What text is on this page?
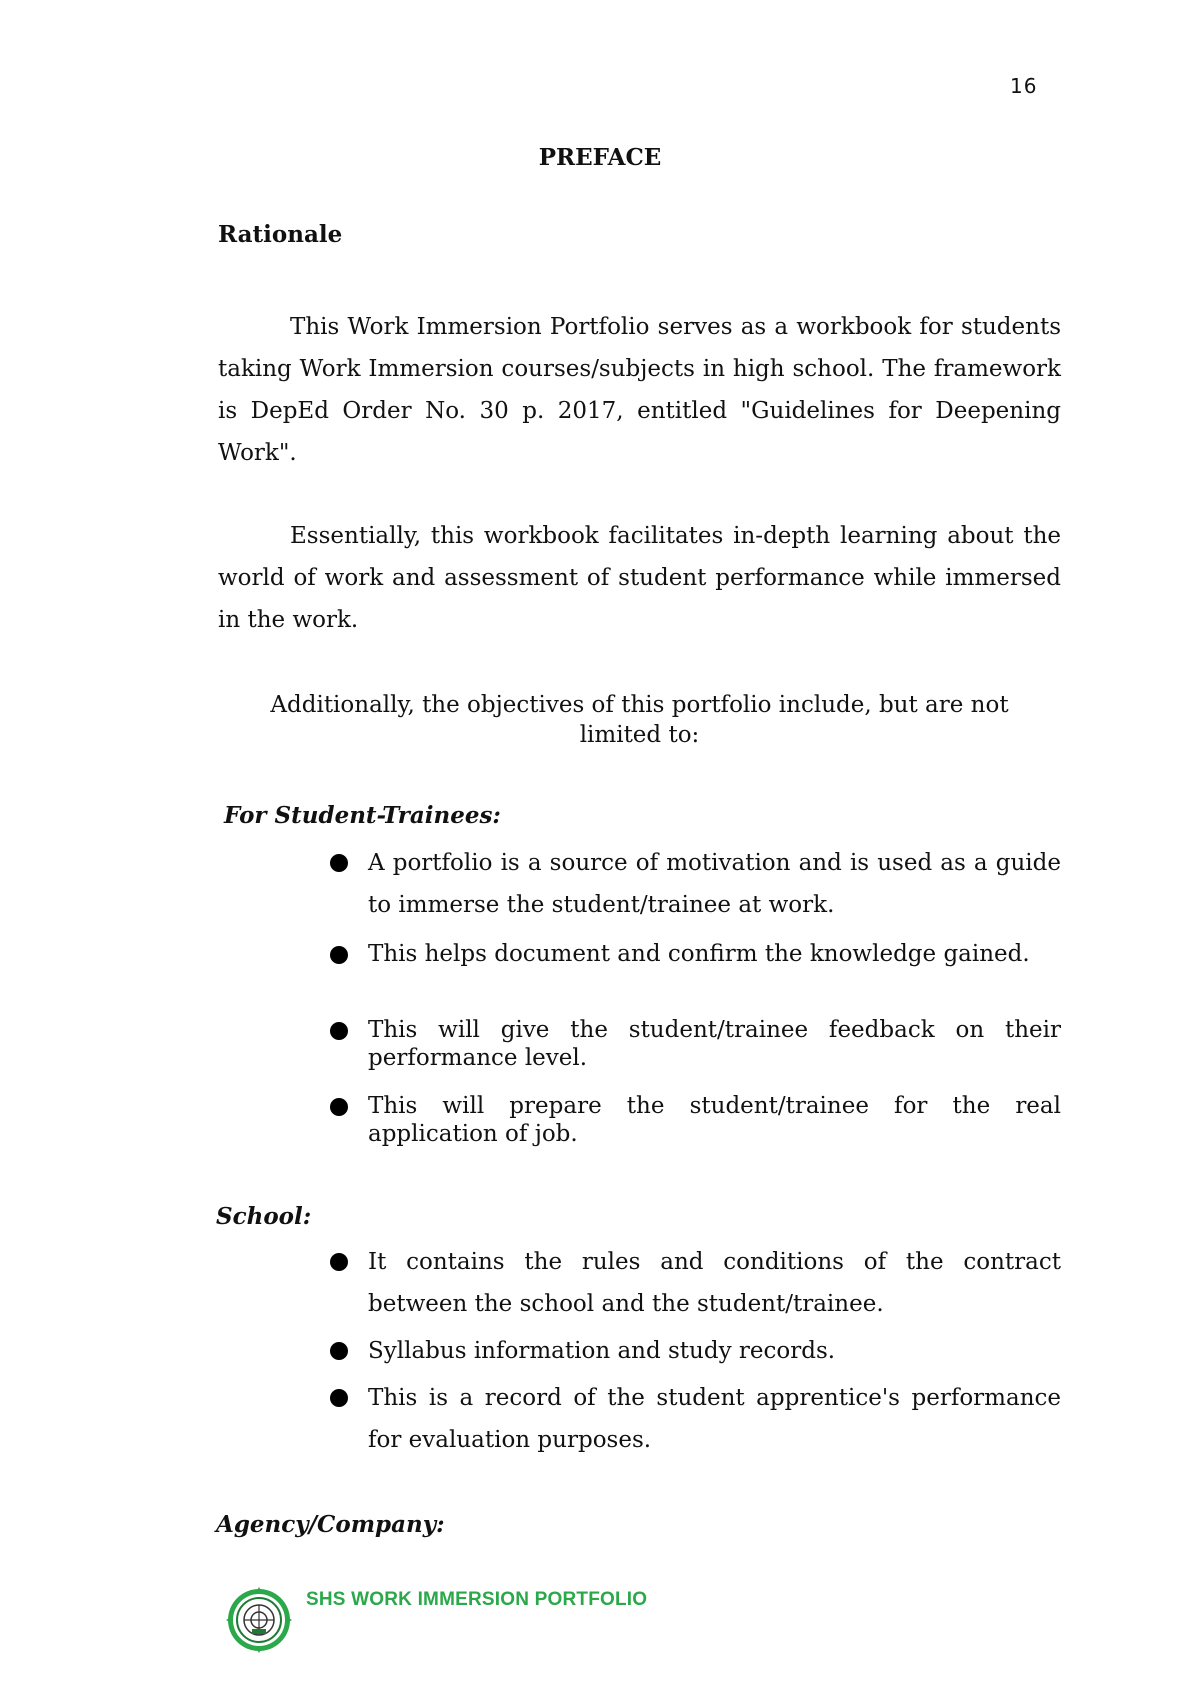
16
PREFACE
Rationale
This Work Immersion Portfolio serves as a workbook for students taking Work Immersion courses/subjects in high school. The framework is DepEd Order No. 30 p. 2017, entitled "Guidelines for Deepening Work".
Essentially, this workbook facilitates in-depth learning about the world of work and assessment of student performance while immersed in the work.
Additionally, the objectives of this portfolio include, but are not
limited to:
For Student-Trainees:
A portfolio is a source of motivation and is used as a guide to immerse the student/trainee at work.
This helps document and confirm the knowledge gained.
This will give the student/trainee feedback on their performance level.
This will prepare the student/trainee for the real application of job.
School:
It contains the rules and conditions of the contract between the school and the student/trainee.
Syllabus information and study records.
This is a record of the student apprentice's performance for evaluation purposes.
Agency/Company:
SHS WORK IMMERSION PORTFOLIO
